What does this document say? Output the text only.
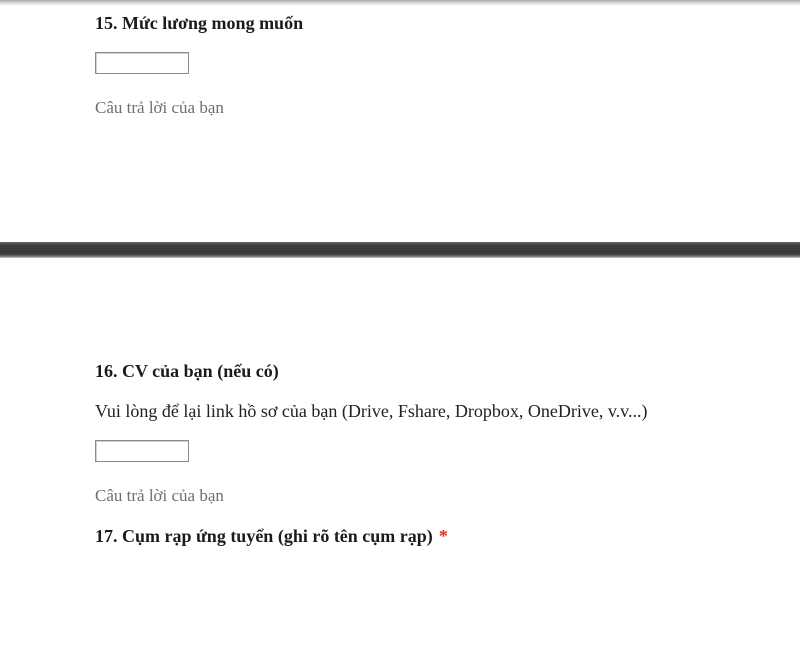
15. Mức lương mong muốn

Câu trả lời của bạn

16. CV của bạn (nếu có)

Vui lòng để lại link hồ sơ của bạn (Drive, Fshare, Dropbox, OneDrive, v.v...)

Câu trả lời của bạn

17. Cụm rạp ứng tuyển (ghi rõ tên cụm rạp) *
